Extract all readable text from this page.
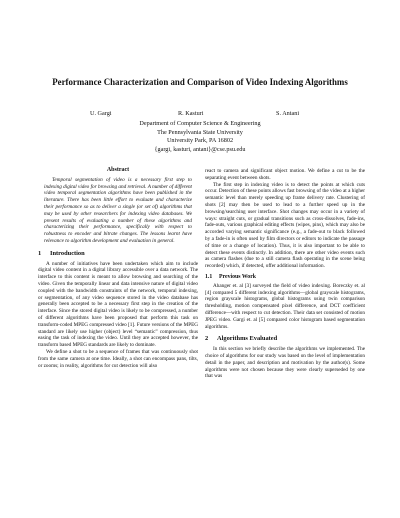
Performance Characterization and Comparison of Video Indexing Algorithms
U. Gargi	R. Kasturi	S. Antani
Department of Computer Science & Engineering
The Pennsylvania State University
University Park, PA 16802
{gargi, kasturi, antani}@cse.psu.edu
Abstract

Temporal segmentation of video is a necessary first step to indexing digital video for browsing and retrieval. A number of different video temporal segmentation algorithms have been published in the literature. There has been little effort to evaluate and characterize their performance so as to deliver a single (or set of) algorithms that may be used by other researchers for indexing video databases. We present results of evaluating a number of these algorithms and characterizing their performance, specifically with respect to robustness to encoder and bitrate changes. The lessons learnt have relevance to algorithm development and evaluation in general.

1 Introduction

A number of initiatives have been undertaken which aim to include digital video content in a digital library accessible over a data network. The interface to this content is meant to allow browsing and searching of the video. Given the temporally linear and data intensive nature of digital video coupled with the bandwidth constraints of the network, temporal indexing, or segmentation, of any video sequence stored in the video database has generally been accepted to be a necessary first step in the creation of the interface. Since the stored digital video is likely to be compressed, a number of different algorithms have been proposed that perform this task on transform-coded MPEG compressed video [1]. Future versions of the MPEG standard are likely use higher (object) level “semantic” compression, thus easing the task of indexing the video. Until they are accepted however, the transform based MPEG standards are likely to dominate.

We define a shot to be a sequence of frames that was continuously shot from the same camera at one time. Ideally, a shot can encompass pans, tilts, or zooms; in reality, algorithms for cut detection will also

react to camera and significant object motion. We define a cut to be the separating event between shots.

The first step in indexing video is to detect the points at which cuts occur. Detection of these points allows fast browsing of the video at a higher semantic level than merely speeding up frame delivery rate. Clustering of shots [2] may then be used to lead to a further speed up in the browsing/searching user interface. Shot changes may occur in a variety of ways: straight cuts, or gradual transitions such as cross-dissolves, fade-ins, fade-outs, various graphical editing effects (wipes, pins), which may also be accorded varying semantic significance (e.g., a fade-out to black followed by a fade-in is often used by film directors or editors to indicate the passage of time or a change of location). Thus, it is also important to be able to detect these events distinctly. In addition, there are other video events such as camera flashes (due to a still camera flash operating in the scene being recorded) which, if detected, offer additional information.

1.1 Previous Work

Ahanger et. al [3] surveyed the field of video indexing. Boreczky et. al [4] compared 5 different indexing algorithms—global grayscale histograms, region grayscale histograms, global histograms using twin comparison thresholding, motion compensated pixel difference, and DCT coefficient difference—with respect to cut detection. Their data set consisted of motion JPEG video. Gargi et. al [5] compared color histogram based segmentation algorithms.

2 Algorithms Evaluated

In this section we briefly describe the algorithms we implemented. The choice of algorithms for our study was based on the level of implementation detail in the paper, and description and motivation by the author(s). Some algorithms were not chosen because they were clearly superseded by one that was
